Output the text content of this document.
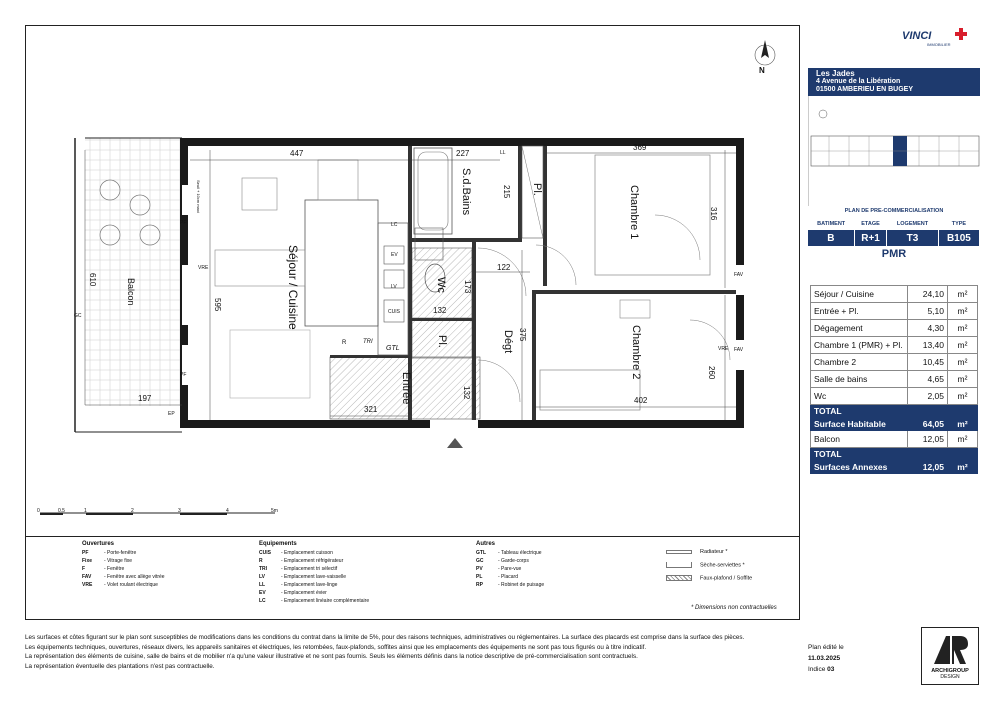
VINCI
IMMOBILIER
N
Séjour / Cuisine
Balcon
S.d.Bains	Pl.	Chambre 1
Chambre 2
Wc
Pl.	Dégt
Entrée
447	227
369
215
316
610
595
122
173
132
375
260
402
197
321
132
LL
LC
EV
LV
CUIS
R	TRI
GTL
PF
PF
VRE
VRE
FAV
FAV
GC
EP
Seuil + 10cm maxi
0	0.5	1	2	3	4	5m
Les Jades
4 Avenue de la Libération
01500 AMBERIEU EN BUGEY
PLAN DE PRE-COMMERCIALISATION
BATIMENT	ETAGE	LOGEMENT	TYPE
B	R+1	T3	B105
PMR
Séjour / Cuisine	24,10	m²
Entrée + Pl.	5,10	m²
Dégagement	4,30	m²
Chambre 1 (PMR) + Pl.	13,40	m²
Chambre 2	10,45	m²
Salle de bains	4,65	m²
Wc	2,05	m²
TOTAL		
Surface Habitable	64,05	m²
Balcon	12,05	m²
TOTAL		
Surfaces Annexes	12,05	m²
Ouvertures
PF	- Porte-fenêtre
Fixe - Vitrage fixe
F	- Fenêtre
FAV	- Fenêtre avec allège vitrée
VRE - Volet roulant électrique
Equipements
CUIS - Emplacement cuisson
R	- Emplacement réfrigérateur
TRI	- Emplacement tri sélectif
LV	- Emplacement lave-vaisselle
LL	- Emplacement lave-linge
EV	- Emplacement évier
LC	- Emplacement linéaire complémentaire
Autres
GTL - Tableau électrique
GC	- Garde-corps
PV	- Pare-vue
PL	- Placard
RP	- Robinet de puisage
Radiateur *
Sèche-serviettes *
Faux-plafond / Soffite
* Dimensions non contractuelles
Les surfaces et côtes figurant sur le plan sont susceptibles de modifications dans les conditions du contrat dans la limite de 5%, pour des raisons techniques, administratives ou réglementaires. La surface des placards est comprise dans la surface des pièces.
Les équipements techniques, ouvertures, réseaux divers, les appareils sanitaires et électriques, les retombées, faux-plafonds, soffites ainsi que les emplacements des équipements ne sont pas tous figurés ou à titre indicatif.
La représentation des éléments de cuisine, salle de bains et de mobilier n'a qu'une valeur illustrative et ne sont pas fournis. Seuls les éléments définis dans la notice descriptive de pré-commercialisation sont contractuels.
La représentation éventuelle des plantations n'est pas contractuelle.
Plan édité le
11.03.2025
Indice 03	ARCHIGROUP
DESIGN
